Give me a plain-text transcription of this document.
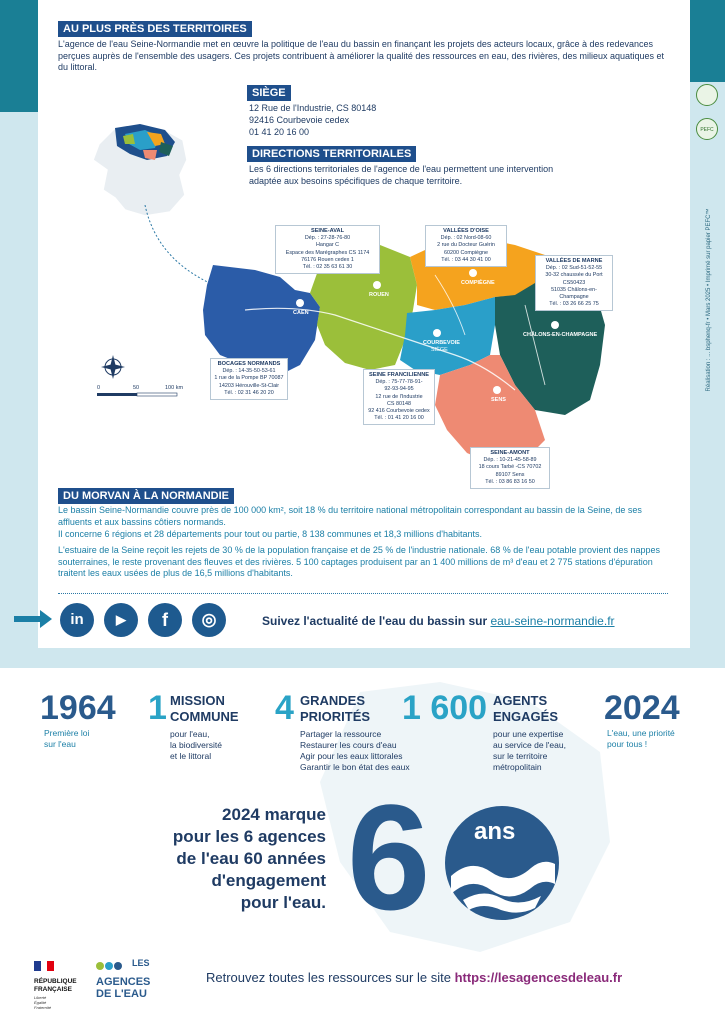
PEFC
Réalisation : ... bsphenq-fr • Mars 2025 • Imprimé sur papier PEFC™
AU PLUS PRÈS DES TERRITOIRES
L'agence de l'eau Seine-Normandie met en œuvre la politique de l'eau du bassin en finançant les projets des acteurs locaux, grâce à des redevances perçues auprès de l'ensemble des usagers. Ces projets contribuent à améliorer la qualité des ressources en eau, des rivières, des milieux aquatiques et du littoral.
SIÈGE
12 Rue de l'Industrie, CS 80148
92416 Courbevoie cedex
01 41 20 16 00
DIRECTIONS TERRITORIALES
Les 6 directions territoriales de l'agence de l'eau permettent une intervention adaptée aux besoins spécifiques de chaque territoire.
0	50	100 km
CAEN
ROUEN
COMPIÈGNE
CHÂLONS-EN-CHAMPAGNE
COURBEVOIE
SIÈGE
SENS
SEINE-AVAL
Dép. : 27-28-76-80
Hangar C
Espace des Marégraphes CS 1174
76176 Rouen cedex 1
Tél. : 02 35 63 61 30
VALLÉES D'OISE
Dép. : 02 Nord-08-60
2 rue du Docteur Guérin
60200 Compiègne
Tél. : 03 44 30 41 00	VALLÉES DE MARNE
Dép. : 02 Sud-51-52-55
30-32 chaussée du Port
CS50423
51035 Châlons-en-Champagne
Tél. : 03 26 66 25 75
BOCAGES NORMANDS
Dép. : 14-35-50-53-61
1 rue de la Pompe BP 70087
14203 Hérouville-St-Clair
Tél. : 02 31 46 20 20
SEINE FRANCILIENNE
Dép. : 75-77-78-91-
92-93-94-95
12 rue de l'Industrie
CS 80148
92 416 Courbevoie cedex
Tél. : 01 41 20 16 00
SEINE-AMONT
Dép. : 10-21-45-58-89
18 cours Tarbé -CS 70702
89107 Sens
Tél. : 03 86 83 16 50
DU MORVAN À LA NORMANDIE
Le bassin Seine-Normandie couvre près de 100 000 km², soit 18 % du territoire national métropolitain correspondant au bassin de la Seine, de ses affluents et aux bassins côtiers normands.
Il concerne 6 régions et 28 départements pour tout ou partie, 8 138 communes et 18,3 millions d'habitants.
L'estuaire de la Seine reçoit les rejets de 30 % de la population française et de 25 % de l'industrie nationale. 68 % de l'eau potable provient des nappes souterraines, le reste provenant des fleuves et des rivières. 5 100 captages produisent par an 1 400 millions de m³ d'eau et 2 775 stations d'épuration traitent les eaux usées de plus de 16,5 millions d'habitants.
in	▶	f	◎	Suivez l'actualité de l'eau du bassin sur eau-seine-normandie.fr
1964
Première loi
sur l'eau
1 MISSION
COMMUNE
pour l'eau,
la biodiversité
et le littoral
4 GRANDES
PRIORITÉS
Partager la ressource
Restaurer les cours d'eau
Agir pour les eaux littorales
Garantir le bon état des eaux
1 600 AGENTS
ENGAGÉS
pour une expertise
au service de l'eau,
sur le territoire
métropolitain
2024
L'eau, une priorité
pour tous !
2024 marque
pour les 6 agences
de l'eau 60 années
d'engagement
pour l'eau. 6 ans
RÉPUBLIQUE
FRANÇAISE
Liberté
Égalité
Fraternité
LES
AGENCES
DE L'EAU
Retrouvez toutes les ressources sur le site https://lesagencesdeleau.fr
